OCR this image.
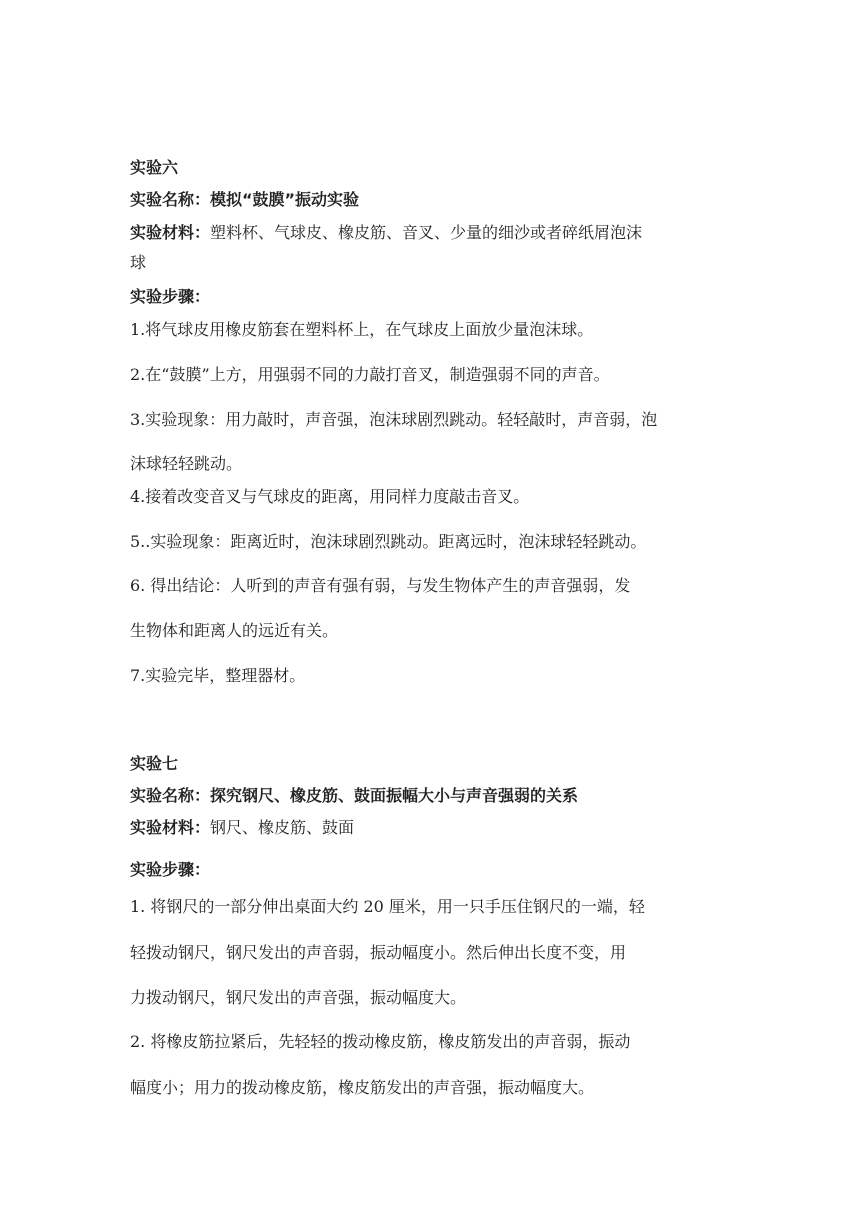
实验六
实验名称：模拟“鼓膜”振动实验
实验材料：塑料杯、气球皮、橡皮筋、音叉、少量的细沙或者碎纸屑泡沫
球
实验步骤：
1.将气球皮用橡皮筋套在塑料杯上，在气球皮上面放少量泡沫球。
2.在“鼓膜”上方，用强弱不同的力敲打音叉，制造强弱不同的声音。
3.实验现象：用力敲时，声音强，泡沫球剧烈跳动。轻轻敲时，声音弱，泡
沫球轻轻跳动。
4.接着改变音叉与气球皮的距离，用同样力度敲击音叉。
5..实验现象：距离近时，泡沫球剧烈跳动。距离远时，泡沫球轻轻跳动。
6. 得出结论：人听到的声音有强有弱，与发生物体产生的声音强弱，发
生物体和距离人的远近有关。
7.实验完毕，整理器材。
实验七
实验名称：探究钢尺、橡皮筋、鼓面振幅大小与声音强弱的关系
实验材料：钢尺、橡皮筋、鼓面
实验步骤：
1. 将钢尺的一部分伸出桌面大约 20 厘米，用一只手压住钢尺的一端，轻
轻拨动钢尺，钢尺发出的声音弱，振动幅度小。然后伸出长度不变，用
力拨动钢尺，钢尺发出的声音强，振动幅度大。
2. 将橡皮筋拉紧后，先轻轻的拨动橡皮筋，橡皮筋发出的声音弱，振动
幅度小；用力的拨动橡皮筋，橡皮筋发出的声音强，振动幅度大。
